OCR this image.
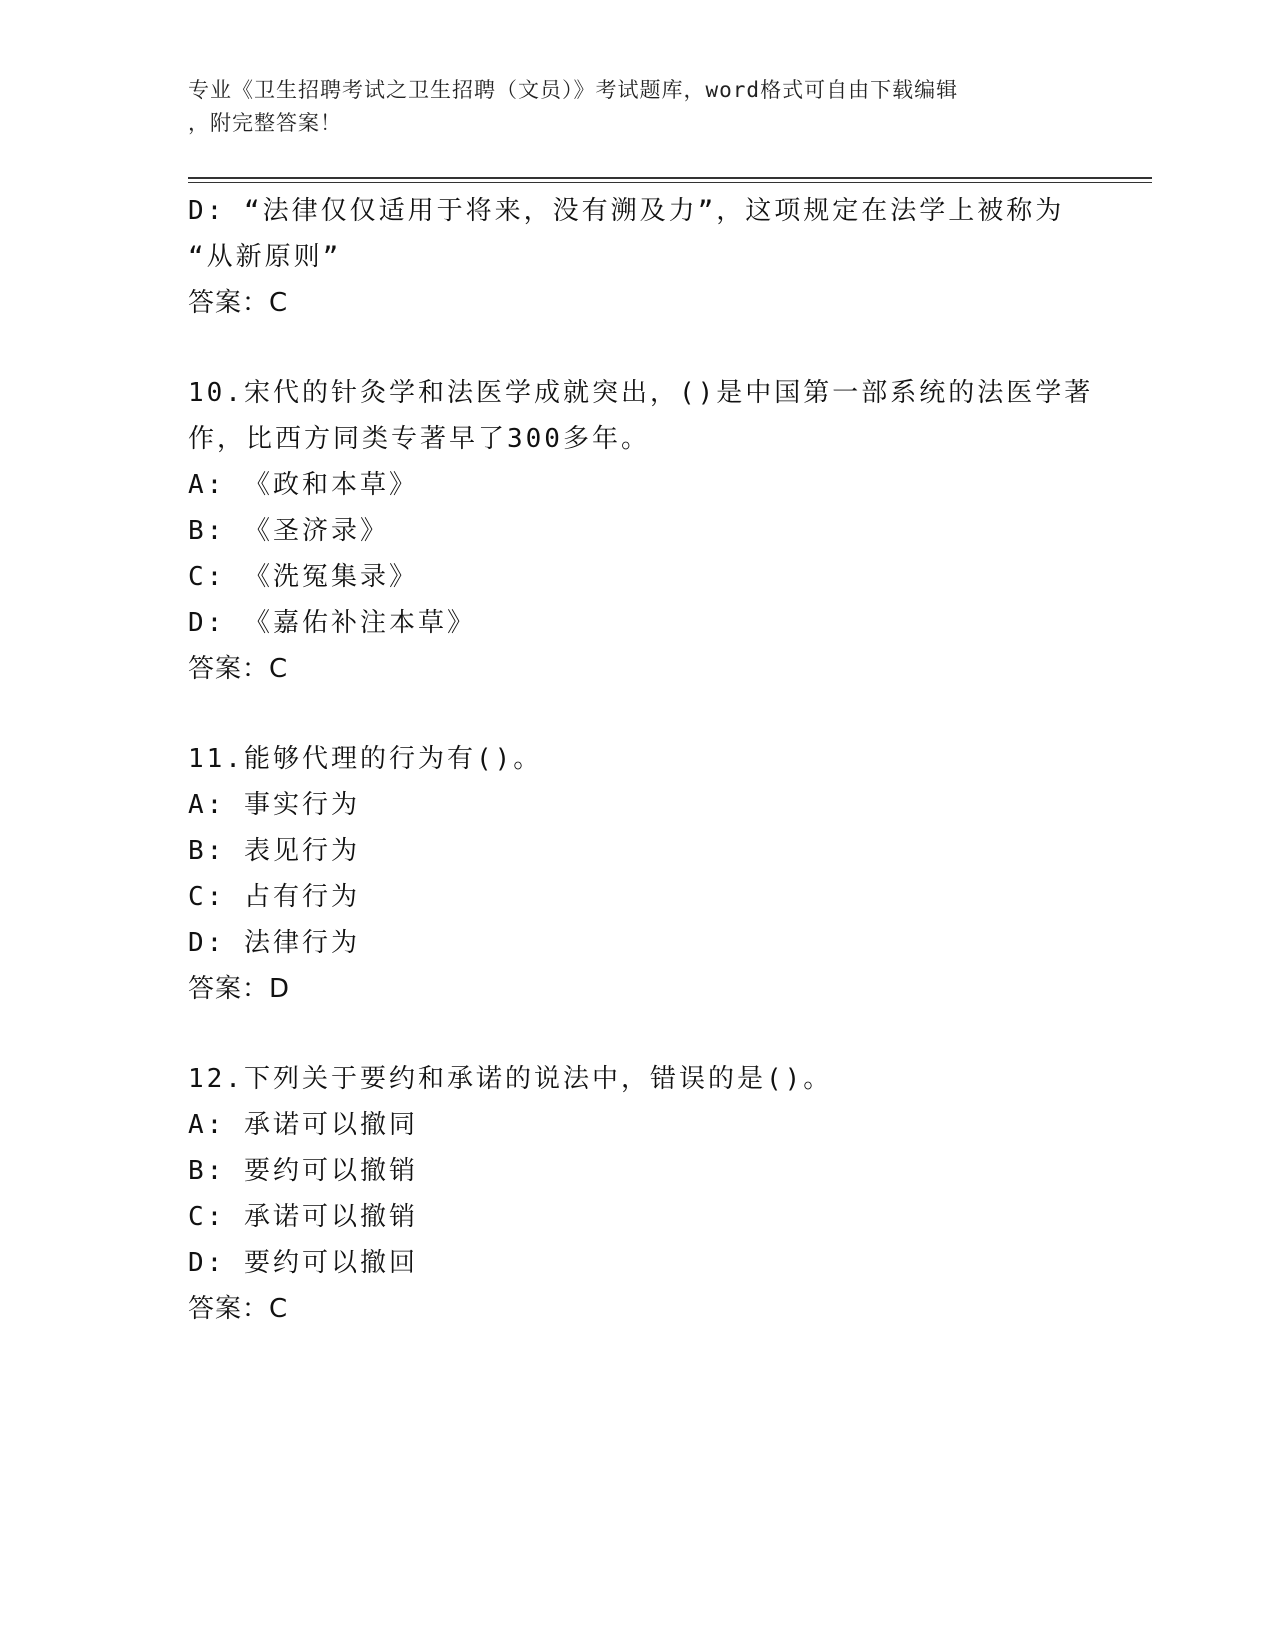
专业《卫生招聘考试之卫生招聘（文员）》考试题库，word格式可自由下载编辑
，附完整答案！
D: “法律仅仅适用于将来，没有溯及力”，这项规定在法学上被称为
“从新原则”
答案：C
10.宋代的针灸学和法医学成就突出，()是中国第一部系统的法医学著作，比西方同类专著早了300多年。
A: 《政和本草》
B: 《圣济录》
C: 《洗冤集录》
D: 《嘉佑补注本草》
答案：C
11.能够代理的行为有()。
A: 事实行为
B: 表见行为
C: 占有行为
D: 法律行为
答案：D
12.下列关于要约和承诺的说法中，错误的是()。
A: 承诺可以撤同
B: 要约可以撤销
C: 承诺可以撤销
D: 要约可以撤回
答案：C
